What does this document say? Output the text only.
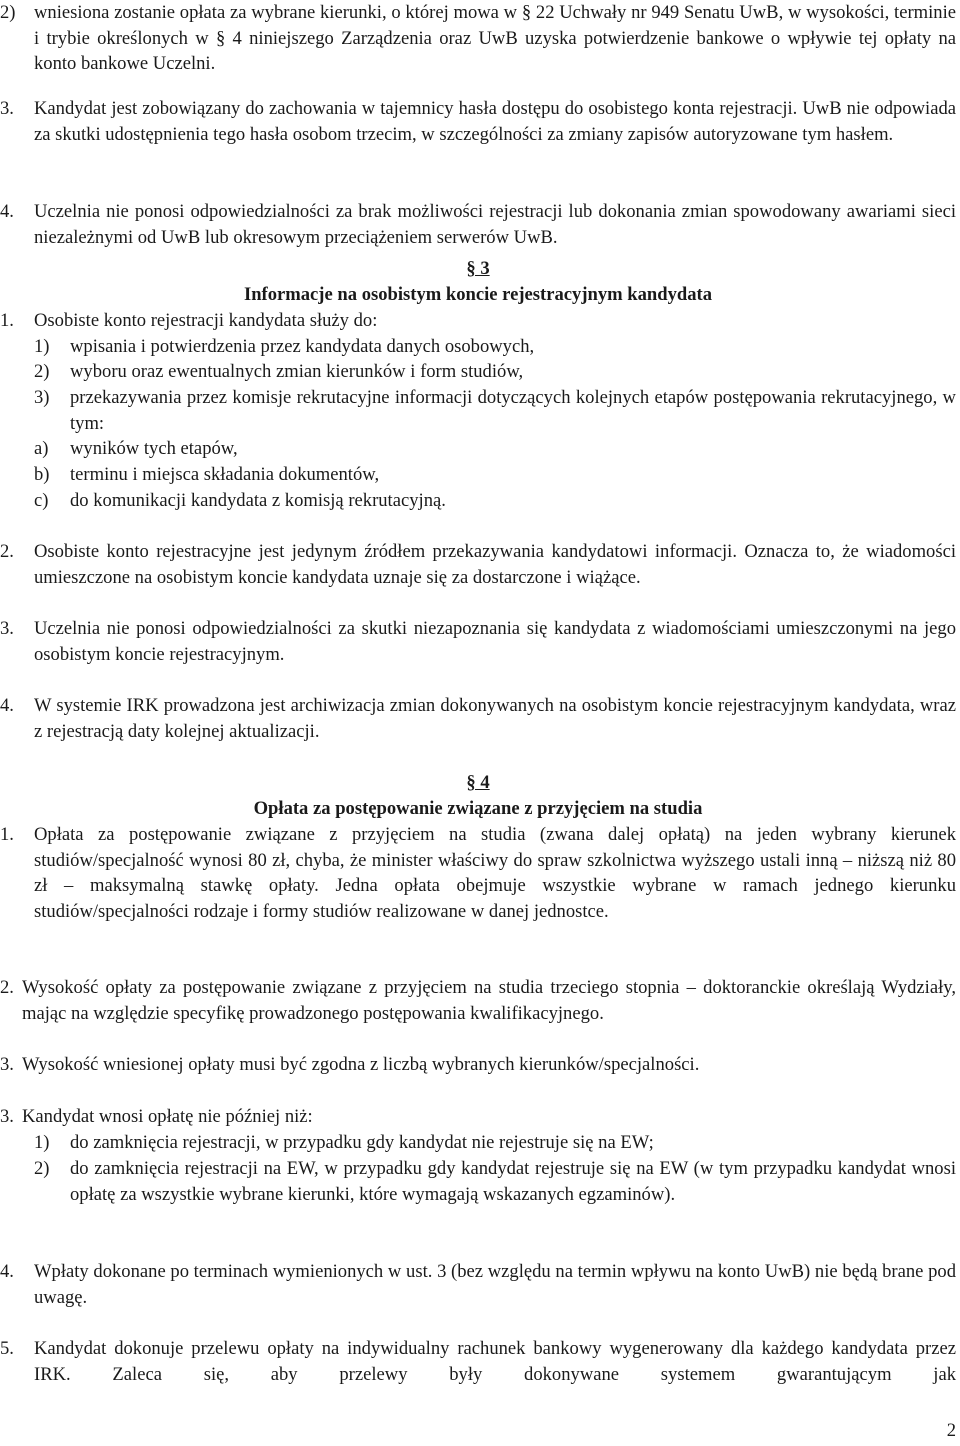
2) wniesiona zostanie opłata za wybrane kierunki, o której mowa w § 22 Uchwały nr 949 Senatu UwB, w wysokości, terminie i trybie określonych w § 4 niniejszego Zarządzenia oraz UwB uzyska potwierdzenie bankowe o wpływie tej opłaty na konto bankowe Uczelni.
3. Kandydat jest zobowiązany do zachowania w tajemnicy hasła dostępu do osobistego konta rejestracji. UwB nie odpowiada za skutki udostępnienia tego hasła osobom trzecim, w szczególności za zmiany zapisów autoryzowane tym hasłem.
4. Uczelnia nie ponosi odpowiedzialności za brak możliwości rejestracji lub dokonania zmian spowodowany awariami sieci niezależnymi od UwB lub okresowym przeciążeniem serwerów UwB.
§ 3
Informacje na osobistym koncie rejestracyjnym kandydata
1. Osobiste konto rejestracji kandydata służy do:
1) wpisania i potwierdzenia przez kandydata danych osobowych,
2) wyboru oraz ewentualnych zmian kierunków i form studiów,
3) przekazywania przez komisje rekrutacyjne informacji dotyczących kolejnych etapów postępowania rekrutacyjnego, w tym:
a) wyników tych etapów,
b) terminu i miejsca składania dokumentów,
c) do komunikacji kandydata z komisją rekrutacyjną.
2. Osobiste konto rejestracyjne jest jedynym źródłem przekazywania kandydatowi informacji. Oznacza to, że wiadomości umieszczone na osobistym koncie kandydata uznaje się za dostarczone i wiążące.
3. Uczelnia nie ponosi odpowiedzialności za skutki niezapoznania się kandydata z wiadomościami umieszczonymi na jego osobistym koncie rejestracyjnym.
4. W systemie IRK prowadzona jest archiwizacja zmian dokonywanych na osobistym koncie rejestracyjnym kandydata, wraz z rejestracją daty kolejnej aktualizacji.
§ 4
Opłata za postępowanie związane z przyjęciem na studia
1. Opłata za postępowanie związane z przyjęciem na studia (zwana dalej opłatą) na jeden wybrany kierunek studiów/specjalność wynosi 80 zł, chyba, że minister właściwy do spraw szkolnictwa wyższego ustali inną – niższą niż 80 zł – maksymalną stawkę opłaty. Jedna opłata obejmuje wszystkie wybrane w ramach jednego kierunku studiów/specjalności rodzaje i formy studiów realizowane w danej jednostce.
2. Wysokość opłaty za postępowanie związane z przyjęciem na studia trzeciego stopnia – doktoranckie określają Wydziały, mając na względzie specyfikę prowadzonego postępowania kwalifikacyjnego.
3. Wysokość wniesionej opłaty musi być zgodna z liczbą wybranych kierunków/specjalności.
3. Kandydat wnosi opłatę nie później niż:
1) do zamknięcia rejestracji, w przypadku gdy kandydat nie rejestruje się na EW;
2) do zamknięcia rejestracji na EW, w przypadku gdy kandydat rejestruje się na EW (w tym przypadku kandydat wnosi opłatę za wszystkie wybrane kierunki, które wymagają wskazanych egzaminów).
4. Wpłaty dokonane po terminach wymienionych w ust. 3 (bez względu na termin wpływu na konto UwB) nie będą brane pod uwagę.
5. Kandydat dokonuje przelewu opłaty na indywidualny rachunek bankowy wygenerowany dla każdego kandydata przez IRK. Zaleca się, aby przelewy były dokonywane systemem gwarantującym jak
2
